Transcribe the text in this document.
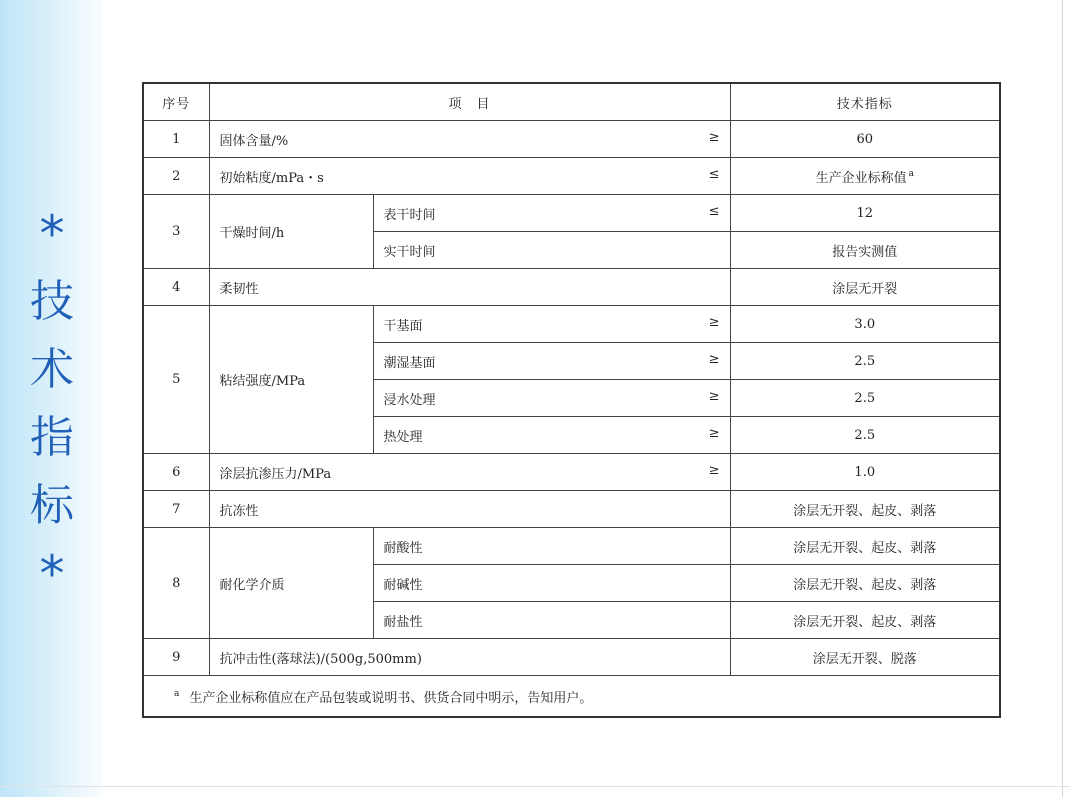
*
技
术
指
标
*
序号	项　目		技术指标
1	固体含量/% ≥		60
2	初始粘度/mPa・s ≤		生产企业标称值 $^a$
3	干燥时间/h	表干时间 ≤	12
		实干时间	报告实测值
4	柔韧性		涂层无开裂
5	粘结强度/MPa	干基面 ≥	3.0
		潮湿基面 ≥	2.5
		浸水处理 ≥	2.5
		热处理 ≥	2.5
6	涂层抗渗压力/MPa ≥		1.0
7	抗冻性		涂层无开裂、起皮、剥落
8	耐化学介质	耐酸性	涂层无开裂、起皮、剥落
		耐碱性	涂层无开裂、起皮、剥落
		耐盐性	涂层无开裂、起皮、剥落
9	抗冲击性(落球法)/(500g,500mm)		涂层无开裂、脱落
$^a$ 生产企业标称值应在产品包装或说明书、供货合同中明示，告知用户。			
